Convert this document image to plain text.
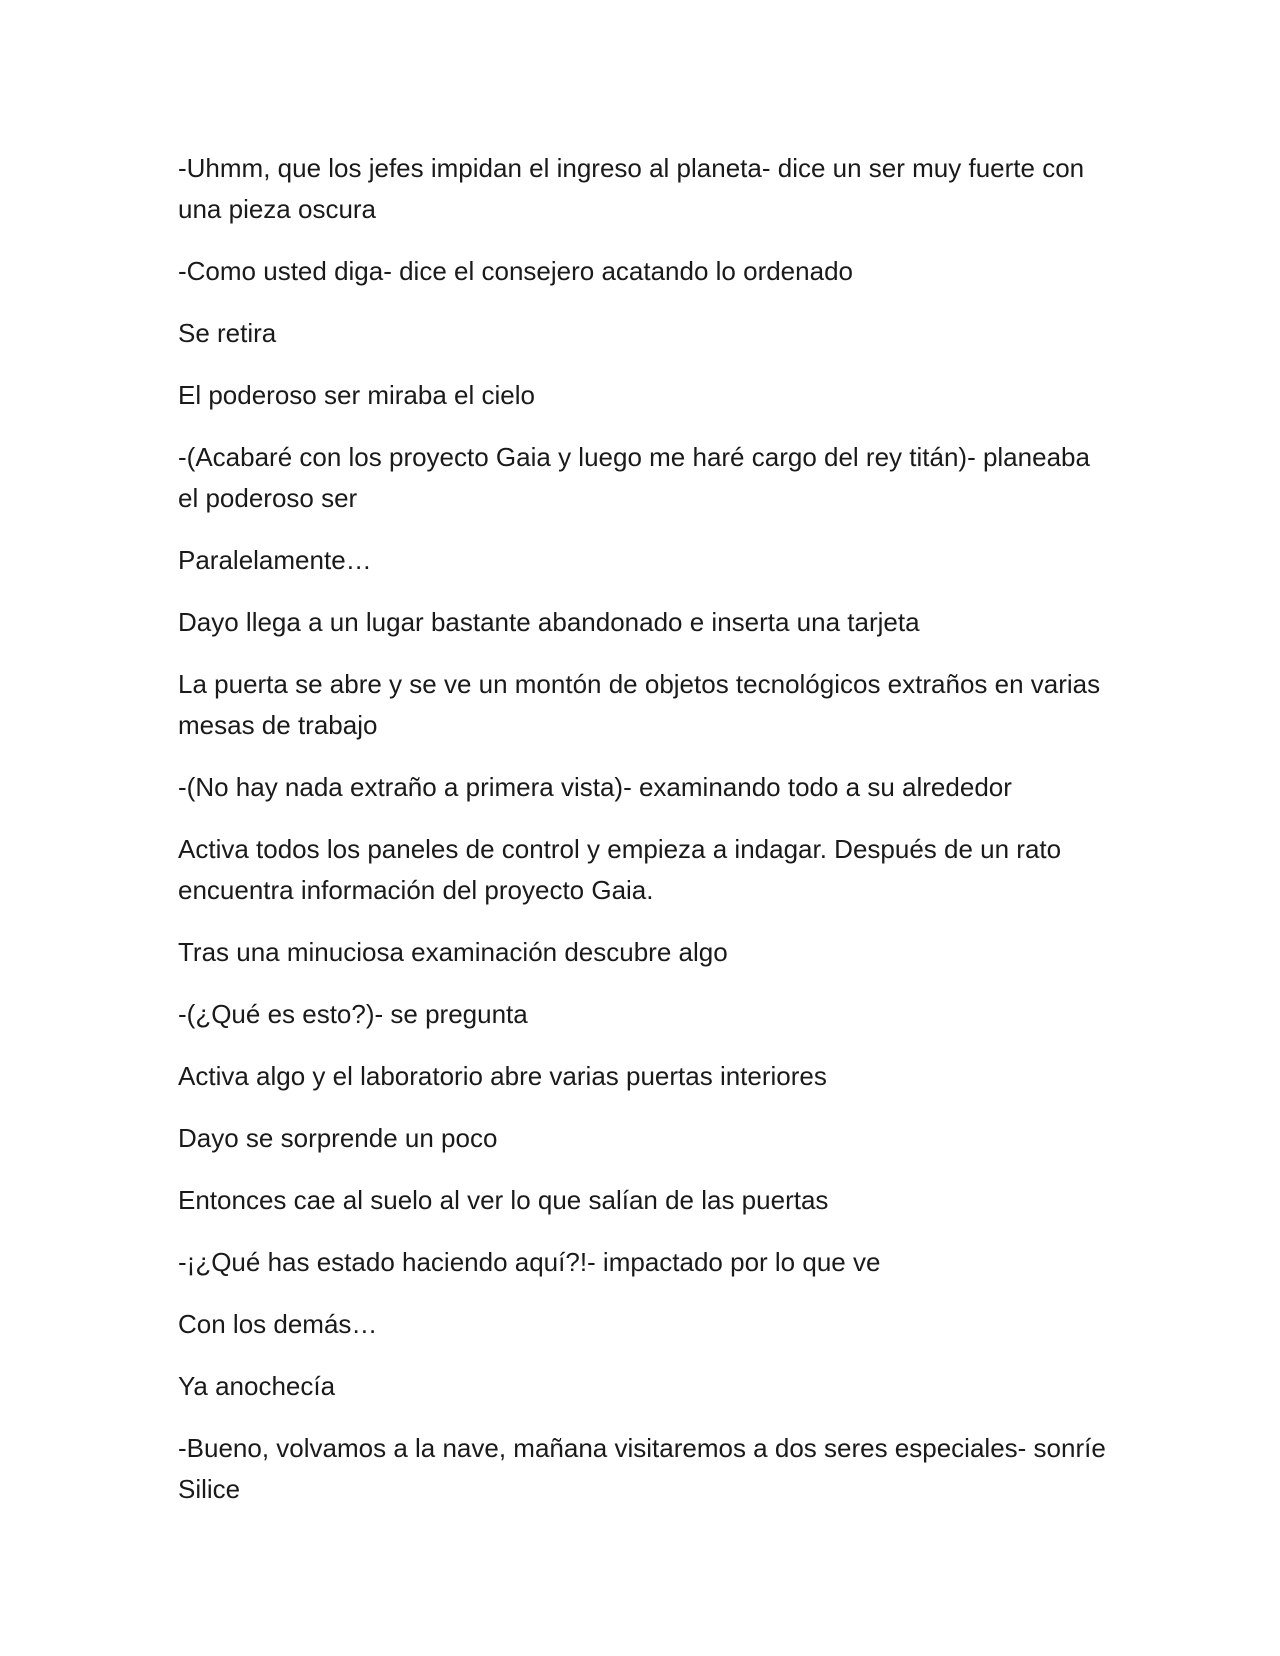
-Uhmm, que los jefes impidan el ingreso al planeta- dice un ser muy fuerte con una pieza oscura

-Como usted diga- dice el consejero acatando lo ordenado

Se retira

El poderoso ser miraba el cielo

-(Acabaré con los proyecto Gaia y luego me haré cargo del rey titán)- planeaba el poderoso ser

Paralelamente…

Dayo llega a un lugar bastante abandonado e inserta una tarjeta

La puerta se abre y se ve un montón de objetos tecnológicos extraños en varias mesas de trabajo

-(No hay nada extraño a primera vista)- examinando todo a su alrededor

Activa todos los paneles de control y empieza a indagar. Después de un rato encuentra información del proyecto Gaia.

Tras una minuciosa examinación descubre algo

-(¿Qué es esto?)- se pregunta

Activa algo y el laboratorio abre varias puertas interiores

Dayo se sorprende un poco

Entonces cae al suelo al ver lo que salían de las puertas

-¡¿Qué has estado haciendo aquí?!- impactado por lo que ve

Con los demás…

Ya anochecía

-Bueno, volvamos a la nave, mañana visitaremos a dos seres especiales- sonríe Silice
